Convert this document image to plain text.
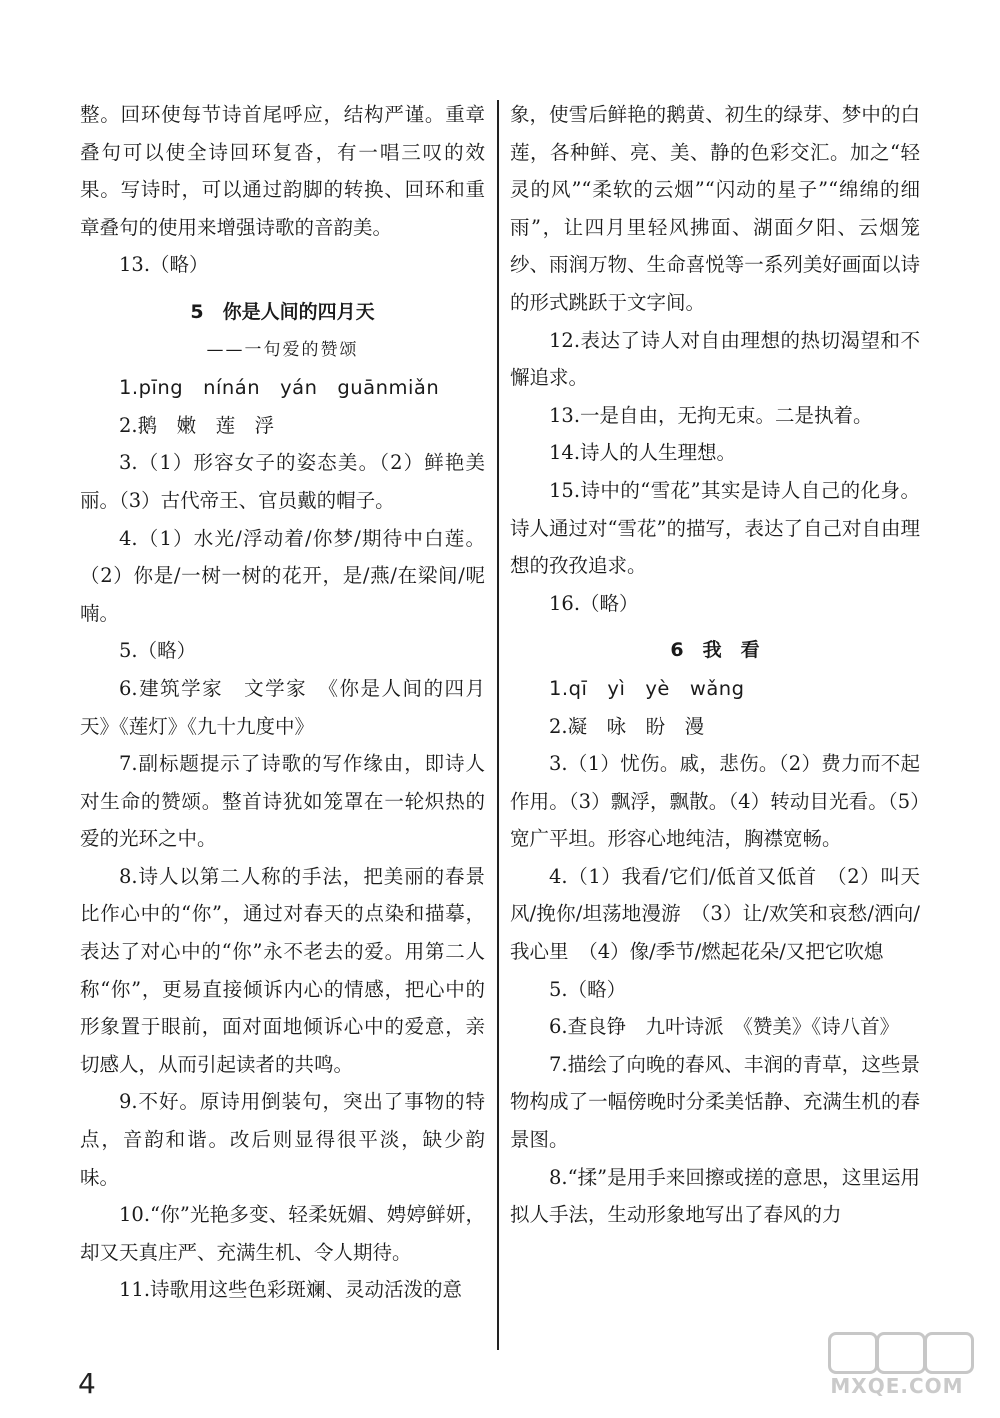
整。回环使每节诗首尾呼应，结构严谨。重章叠句可以使全诗回环复沓，有一唱三叹的效果。写诗时，可以通过韵脚的转换、回环和重章叠句的使用来增强诗歌的音韵美。

13.（略）

5　你是人间的四月天

——一句爱的赞颂

1.pīng　nínán　yán　guānmiǎn

2.鹅　嫩　莲　浮

3.（1）形容女子的姿态美。（2）鲜艳美丽。（3）古代帝王、官员戴的帽子。

4.（1）水光/浮动着/你梦/期待中白莲。（2）你是/一树一树的花开，是/燕/在梁间/呢喃。

5.（略）

6.建筑学家　文学家　《你是人间的四月天》《莲灯》《九十九度中》

7.副标题提示了诗歌的写作缘由，即诗人对生命的赞颂。整首诗犹如笼罩在一轮炽热的爱的光环之中。

8.诗人以第二人称的手法，把美丽的春景比作心中的“你”，通过对春天的点染和描摹，表达了对心中的“你”永不老去的爱。用第二人称“你”，更易直接倾诉内心的情感，把心中的形象置于眼前，面对面地倾诉心中的爱意，亲切感人，从而引起读者的共鸣。

9.不好。原诗用倒装句，突出了事物的特点，音韵和谐。改后则显得很平淡，缺少韵味。

10.“你”光艳多变、轻柔妩媚、娉婷鲜妍，却又天真庄严、充满生机、令人期待。

11.诗歌用这些色彩斑斓、灵动活泼的意

象，使雪后鲜艳的鹅黄、初生的绿芽、梦中的白莲，各种鲜、亮、美、静的色彩交汇。加之“轻灵的风”“柔软的云烟”“闪动的星子”“绵绵的细雨”，让四月里轻风拂面、湖面夕阳、云烟笼纱、雨润万物、生命喜悦等一系列美好画面以诗的形式跳跃于文字间。

12.表达了诗人对自由理想的热切渴望和不懈追求。

13.一是自由，无拘无束。二是执着。

14.诗人的人生理想。

15.诗中的“雪花”其实是诗人自己的化身。诗人通过对“雪花”的描写，表达了自己对自由理想的孜孜追求。

16.（略）

6　我　看

1.qī　yì　yè　wǎng

2.凝　咏　盼　漫

3.（1）忧伤。戚，悲伤。（2）费力而不起作用。（3）飘浮，飘散。（4）转动目光看。（5）宽广平坦。形容心地纯洁，胸襟宽畅。

4.（1）我看/它们/低首又低首　（2）叫天风/挽你/坦荡地漫游　（3）让/欢笑和哀愁/洒向/我心里　（4）像/季节/燃起花朵/又把它吹熄

5.（略）

6.查良铮　九叶诗派　《赞美》《诗八首》

7.描绘了向晚的春风、丰润的青草，这些景物构成了一幅傍晚时分柔美恬静、充满生机的春景图。

8.“揉”是用手来回擦或搓的意思，这里运用拟人手法，生动形象地写出了春风的力

4	MXQE.COM
